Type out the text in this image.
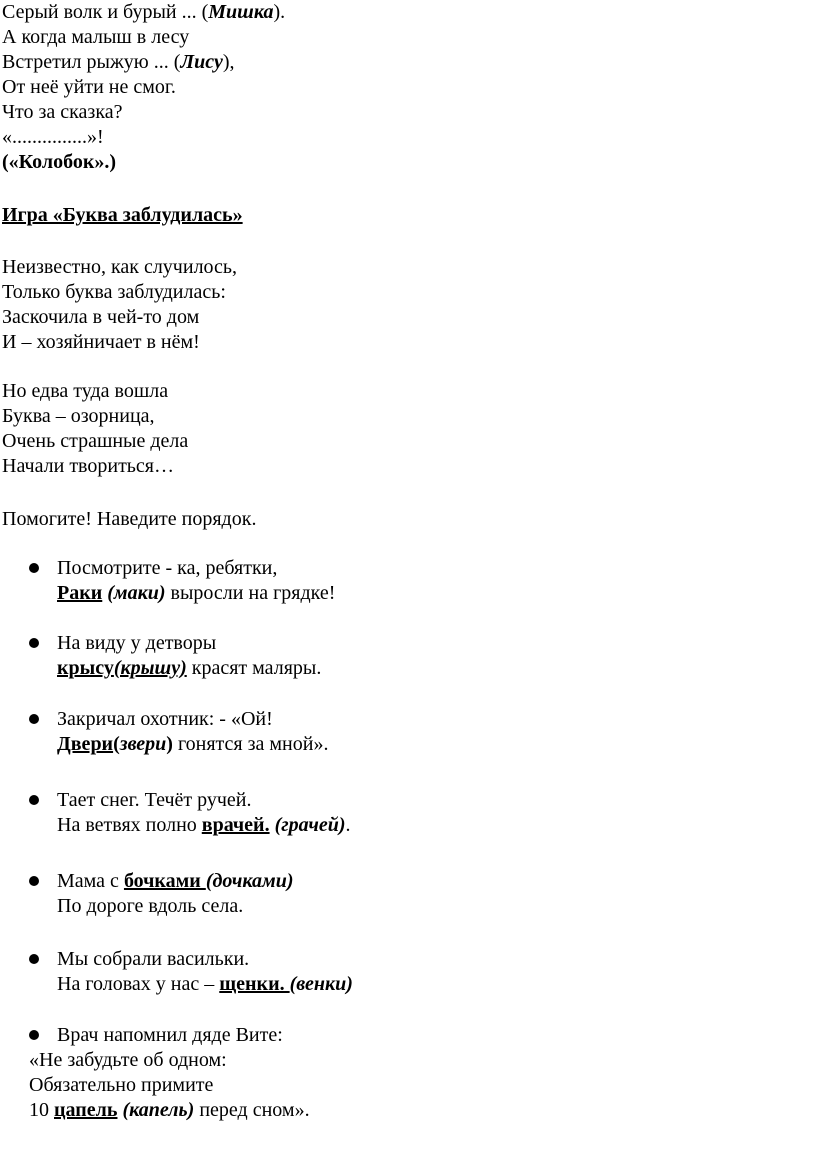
Серый волк и бурый ... (Мишка).
А когда малыш в лесу
Встретил рыжую ... (Лису),
От неё уйти не смог.
Что за сказка?
«...............»!
(«Колобок».)
Игра «Буква заблудилась»
Неизвестно, как случилось,
Только буква заблудилась:
Заскочила в чей-то дом
И – хозяйничает в нём!
Но едва туда вошла
Буква – озорница,
Очень страшные дела
Начали твориться…
Помогите! Наведите порядок.
Посмотрите - ка, ребятки,
Раки (маки) выросли на грядке!
На виду у детворы
крысу(крышу) красят маляры.
Закричал охотник: - «Ой!
Двери(звери) гонятся за мной».
Тает снег. Течёт ручей.
На ветвях полно врачей. (грачей).
Мама с бочками (дочками)
По дороге вдоль села.
Мы собрали васильки.
На головах у нас – щенки. (венки)
Врач напомнил дяде Вите:
«Не забудьте об одном:
Обязательно примите
10 цапель (капель) перед сном».
